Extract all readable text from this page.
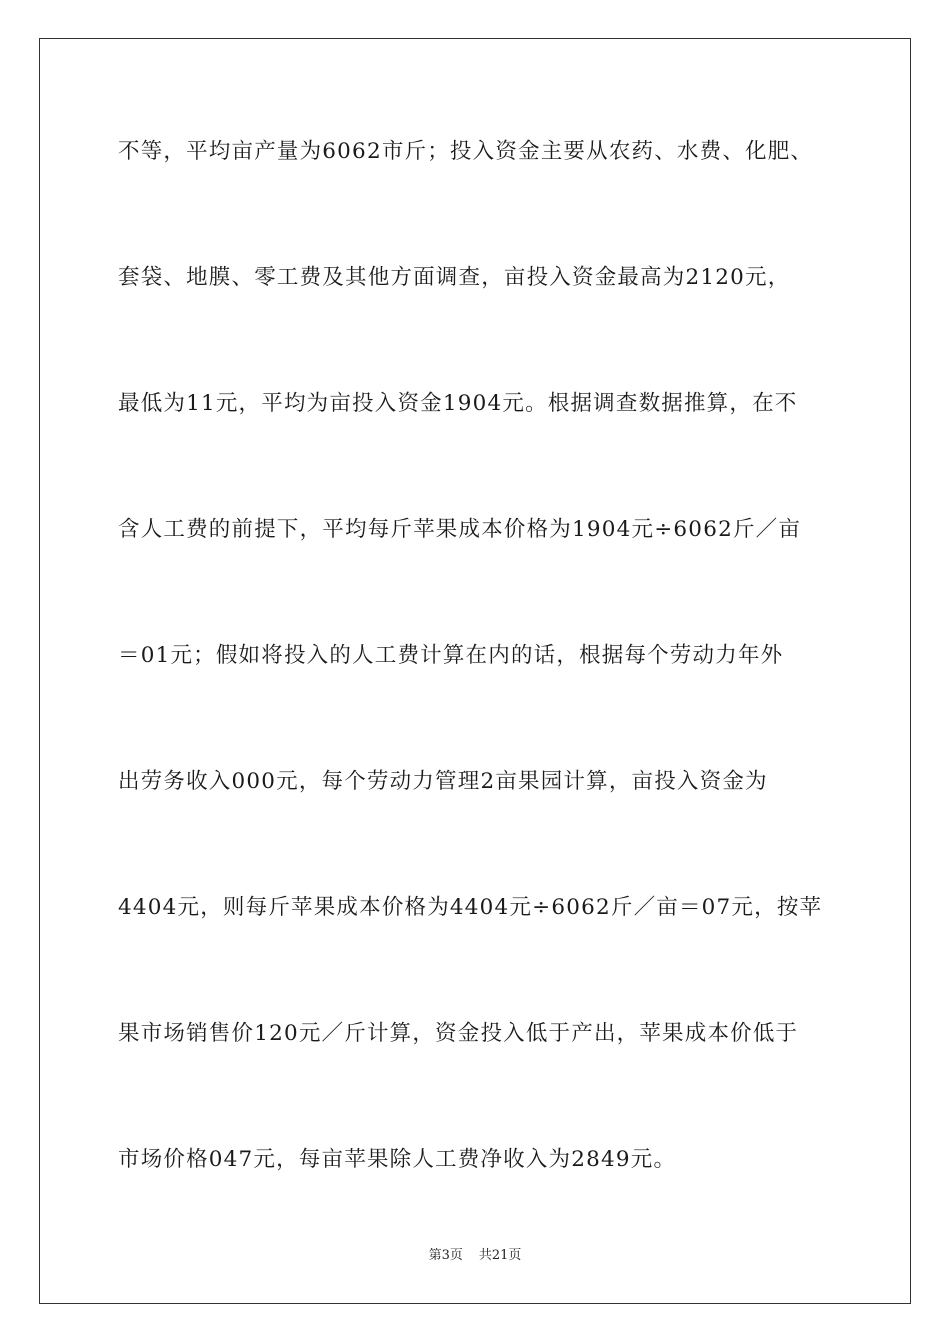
不等，平均亩产量为6062市斤；投入资金主要从农药、水费、化肥、
套袋、地膜、零工费及其他方面调查，亩投入资金最高为2120元，
最低为11元，平均为亩投入资金1904元。根据调查数据推算，在不
含人工费的前提下，平均每斤苹果成本价格为1904元÷6062斤／亩
＝01元；假如将投入的人工费计算在内的话，根据每个劳动力年外
出劳务收入000元，每个劳动力管理2亩果园计算，亩投入资金为
4404元，则每斤苹果成本价格为4404元÷6062斤／亩＝07元，按苹
果市场销售价120元／斤计算，资金投入低于产出，苹果成本价低于
市场价格047元，每亩苹果除人工费净收入为2849元。
第3页 共21页
